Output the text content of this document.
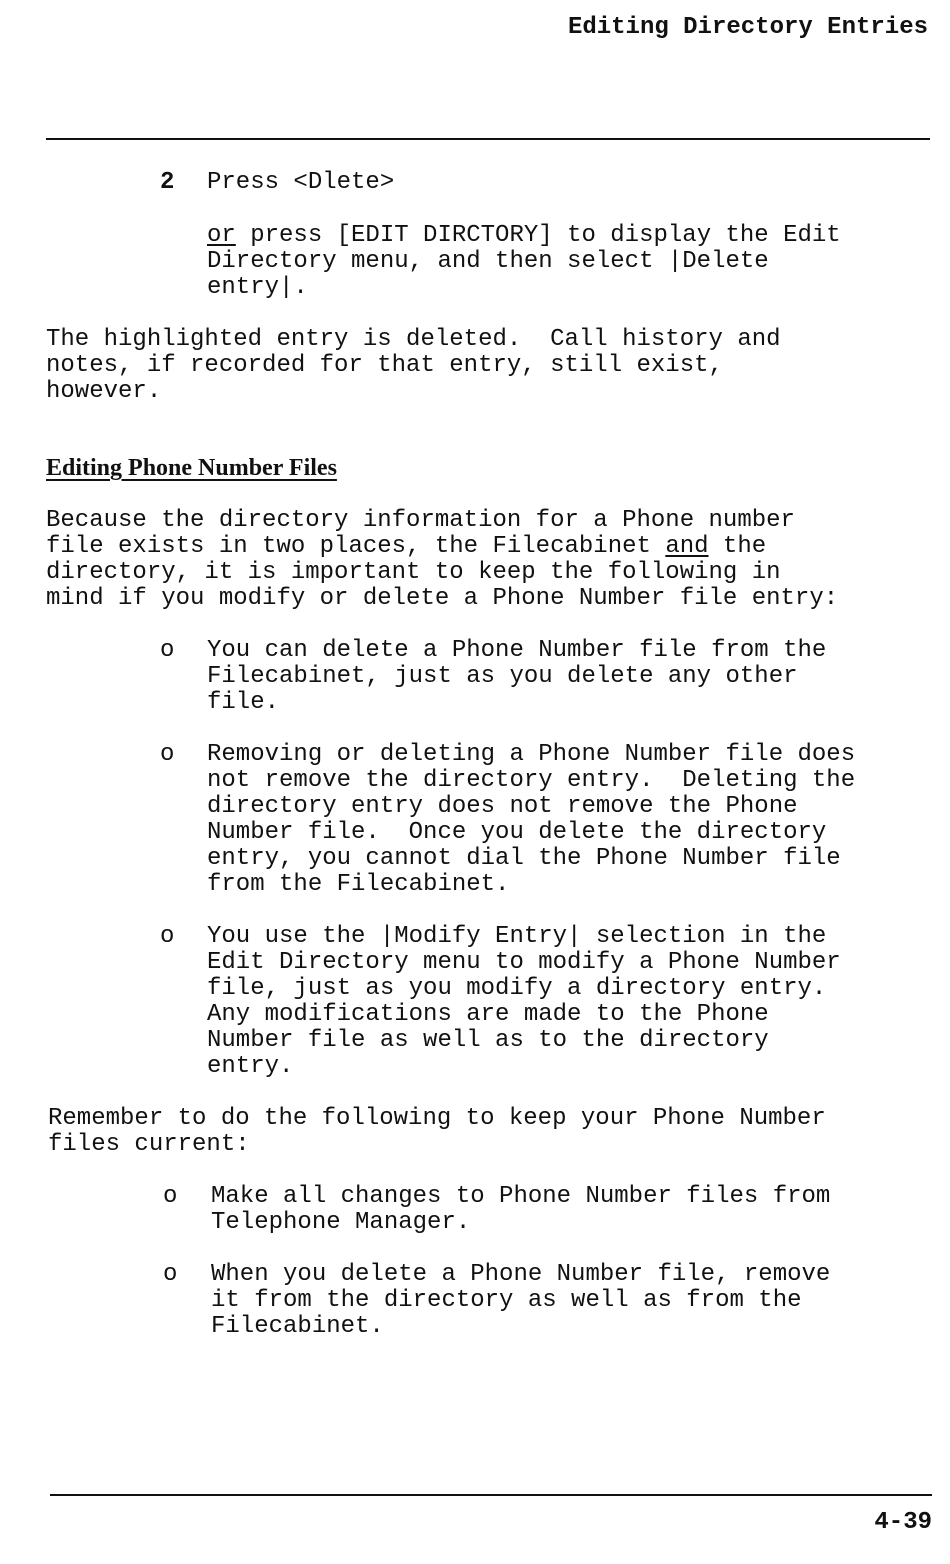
Editing Directory Entries
2 Press <Dlete>
or press [EDIT DIRCTORY] to display the Edit
Directory menu, and then select |Delete
entry|.
The highlighted entry is deleted.  Call history and
notes, if recorded for that entry, still exist,
however.
Editing Phone Number Files
Because the directory information for a Phone number
file exists in two places, the Filecabinet and the
directory, it is important to keep the following in
mind if you modify or delete a Phone Number file entry:
o You can delete a Phone Number file from the
Filecabinet, just as you delete any other
file.
o Removing or deleting a Phone Number file does
not remove the directory entry.  Deleting the
directory entry does not remove the Phone
Number file.  Once you delete the directory
entry, you cannot dial the Phone Number file
from the Filecabinet.
o You use the |Modify Entry| selection in the
Edit Directory menu to modify a Phone Number
file, just as you modify a directory entry.
Any modifications are made to the Phone
Number file as well as to the directory
entry.
Remember to do the following to keep your Phone Number
files current:
o Make all changes to Phone Number files from
Telephone Manager.
o When you delete a Phone Number file, remove
it from the directory as well as from the
Filecabinet.
4-39
